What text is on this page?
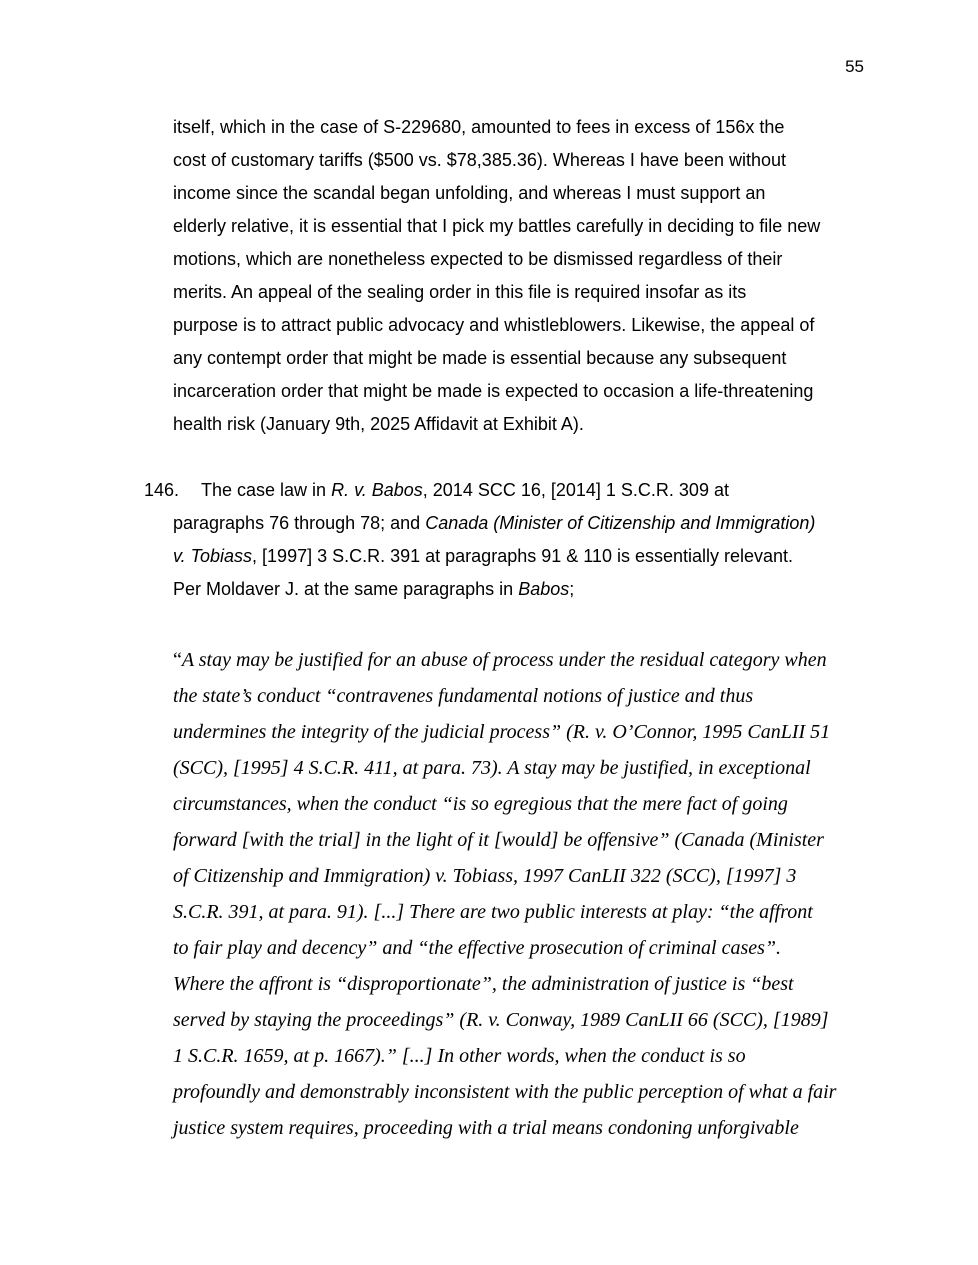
55
itself, which in the case of S-229680, amounted to fees in excess of 156x the
cost of customary tariffs ($500 vs. $78,385.36). Whereas I have been without
income since the scandal began unfolding, and whereas I must support an
elderly relative, it is essential that I pick my battles carefully in deciding to file new
motions, which are nonetheless expected to be dismissed regardless of their
merits. An appeal of the sealing order in this file is required insofar as its
purpose is to attract public advocacy and whistleblowers. Likewise, the appeal of
any contempt order that might be made is essential because any subsequent
incarceration order that might be made is expected to occasion a life-threatening
health risk (January 9th, 2025 Affidavit at Exhibit A).
146.	The case law in R. v. Babos, 2014 SCC 16, [2014] 1 S.C.R. 309 at
paragraphs 76 through 78; and Canada (Minister of Citizenship and Immigration)
v. Tobiass, [1997] 3 S.C.R. 391 at paragraphs 91 & 110 is essentially relevant.
Per Moldaver J. at the same paragraphs in Babos;
“A stay may be justified for an abuse of process under the residual category when
the state’s conduct “contravenes fundamental notions of justice and thus
undermines the integrity of the judicial process” (R. v. O’Connor, 1995 CanLII 51
(SCC), [1995] 4 S.C.R. 411, at para. 73). A stay may be justified, in exceptional
circumstances, when the conduct “is so egregious that the mere fact of going
forward [with the trial] in the light of it [would] be offensive” (Canada (Minister
of Citizenship and Immigration) v. Tobiass, 1997 CanLII 322 (SCC), [1997] 3
S.C.R. 391, at para. 91). [...] There are two public interests at play: “the affront
to fair play and decency” and “the effective prosecution of criminal cases”.
Where the affront is “disproportionate”, the administration of justice is “best
served by staying the proceedings” (R. v. Conway, 1989 CanLII 66 (SCC), [1989]
1 S.C.R. 1659, at p. 1667).” [...] In other words, when the conduct is so
profoundly and demonstrably inconsistent with the public perception of what a fair
justice system requires, proceeding with a trial means condoning unforgivable
